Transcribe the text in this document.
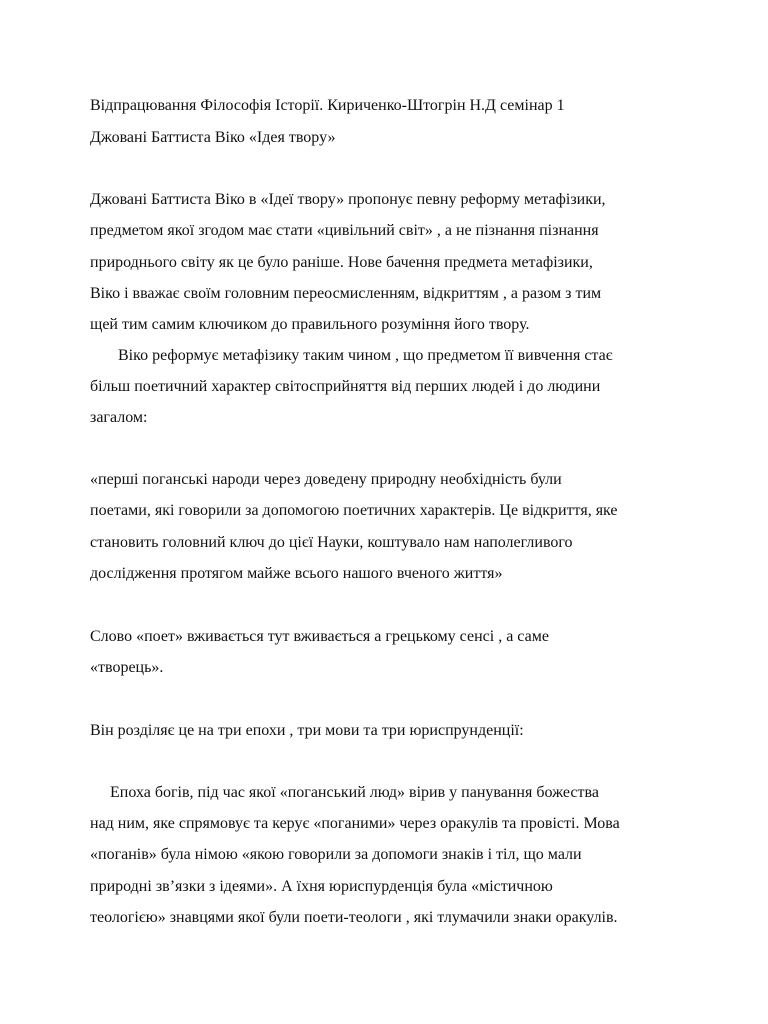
Відпрацювання Філософія Історії. Кириченко-Штогрін Н.Д семінар 1
Джовані Баттиста Віко «Ідея твору»
Джовані Баттиста Віко в «Ідеї твору» пропонує певну реформу метафізики,
предметом якої згодом має стати «цивільний світ» , а не пізнання пізнання
природнього світу як це було раніше. Нове бачення предмета метафізики,
Віко і вважає своїм головним переосмисленням, відкриттям , а разом з тим
щей тим самим ключиком до правильного розуміння його твору.
Віко реформує метафізику таким чином , що предметом її вивчення стає
більш поетичний характер світосприйняття від перших людей і до людини
загалом:
«перші поганські народи через доведену природну необхідність були
поетами, які говорили за допомогою поетичних характерів. Це відкриття, яке
становить головний ключ до цієї Науки, коштувало нам наполегливого
дослідження протягом майже всього нашого вченого життя»
Слово «поет» вживається тут вживається а грецькому сенсі , а саме
«творець».
Він розділяє це на три епохи , три мови та три юриспрунденції:
Епоха богів, під час якої «поганський люд» вірив у панування божества
над ним, яке спрямовує та керує «поганими» через оракулів та провісті. Мова
«поганів» була німою «якою говорили за допомоги знаків і тіл, що мали
природні зв’язки з ідеями». А їхня юриспурденція була «містичною
теологією» знавцями якої були поети-теологи , які тлумачили знаки оракулів.
